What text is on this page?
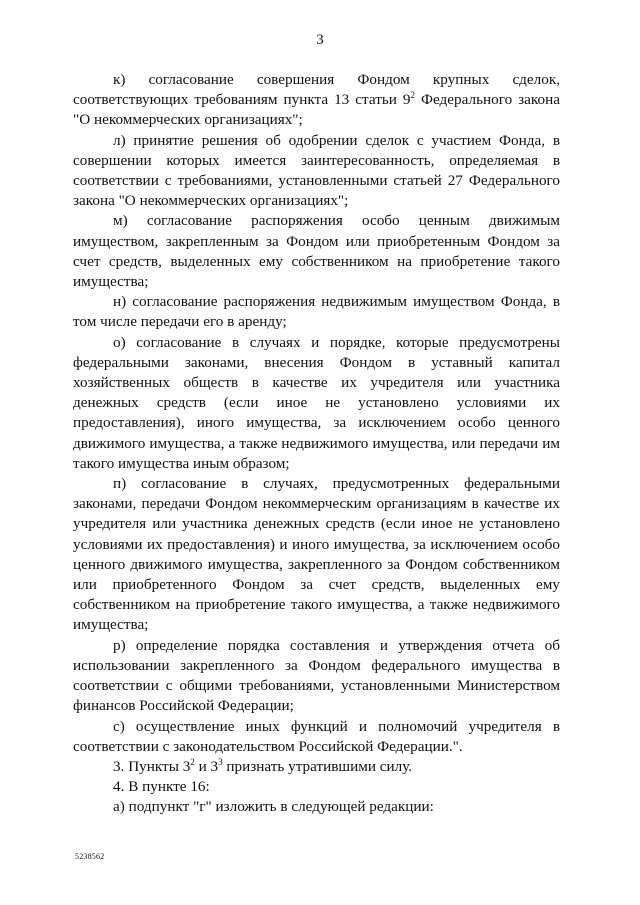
3

к) согласование совершения Фондом крупных сделок, соответствующих требованиям пункта 13 статьи $9^2$ Федерального закона "О некоммерческих организациях";

л) принятие решения об одобрении сделок с участием Фонда, в совершении которых имеется заинтересованность, определяемая в соответствии с требованиями, установленными статьей 27 Федерального закона "О некоммерческих организациях";

м) согласование распоряжения особо ценным движимым имуществом, закрепленным за Фондом или приобретенным Фондом за счет средств, выделенных ему собственником на приобретение такого имущества;

н) согласование распоряжения недвижимым имуществом Фонда, в том числе передачи его в аренду;

о) согласование в случаях и порядке, которые предусмотрены федеральными законами, внесения Фондом в уставный капитал хозяйственных обществ в качестве их учредителя или участника денежных средств (если иное не установлено условиями их предоставления), иного имущества, за исключением особо ценного движимого имущества, а также недвижимого имущества, или передачи им такого имущества иным образом;

п) согласование в случаях, предусмотренных федеральными законами, передачи Фондом некоммерческим организациям в качестве их учредителя или участника денежных средств (если иное не установлено условиями их предоставления) и иного имущества, за исключением особо ценного движимого имущества, закрепленного за Фондом собственником или приобретенного Фондом за счет средств, выделенных ему собственником на приобретение такого имущества, а также недвижимого имущества;

р) определение порядка составления и утверждения отчета об использовании закрепленного за Фондом федерального имущества в соответствии с общими требованиями, установленными Министерством финансов Российской Федерации;

с) осуществление иных функций и полномочий учредителя в соответствии с законодательством Российской Федерации.".

3. Пункты $3^2$ и $3^3$ признать утратившими силу.

4. В пункте 16:

а) подпункт "г" изложить в следующей редакции:

5238562
